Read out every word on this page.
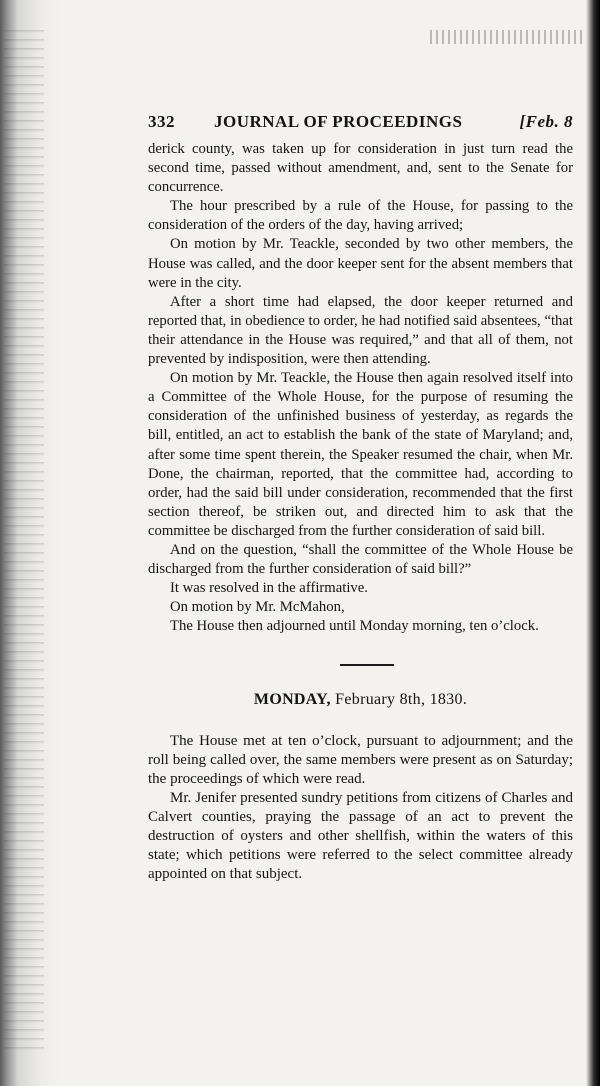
332 JOURNAL OF PROCEEDINGS	[Feb. 8

derick county, was taken up for consideration in just turn read the second time, passed without amendment, and, sent to the Senate for concurrence.

The hour prescribed by a rule of the House, for passing to the consideration of the orders of the day, having arrived;

On motion by Mr. Teackle, seconded by two other members, the House was called, and the door keeper sent for the absent members that were in the city.

After a short time had elapsed, the door keeper returned and reported that, in obedience to order, he had notified said absentees, “that their attendance in the House was required,” and that all of them, not prevented by indisposition, were then attending.

On motion by Mr. Teackle, the House then again resolved itself into a Committee of the Whole House, for the purpose of resuming the consideration of the unfinished business of yesterday, as regards the bill, entitled, an act to establish the bank of the state of Maryland; and, after some time spent therein, the Speaker resumed the chair, when Mr. Done, the chairman, reported, that the committee had, according to order, had the said bill under consideration, recommended that the first section thereof, be striken out, and directed him to ask that the committee be discharged from the further consideration of said bill.

And on the question, “shall the committee of the Whole House be discharged from the further consideration of said bill?”

It was resolved in the affirmative.

On motion by Mr. McMahon,

The House then adjourned until Monday morning, ten o’clock.

MONDAY, February 8th, 1830.

The House met at ten o’clock, pursuant to adjournment; and the roll being called over, the same members were present as on Saturday; the proceedings of which were read.

Mr. Jenifer presented sundry petitions from citizens of Charles and Calvert counties, praying the passage of an act to prevent the destruction of oysters and other shellfish, within the waters of this state; which petitions were referred to the select committee already appointed on that subject.
